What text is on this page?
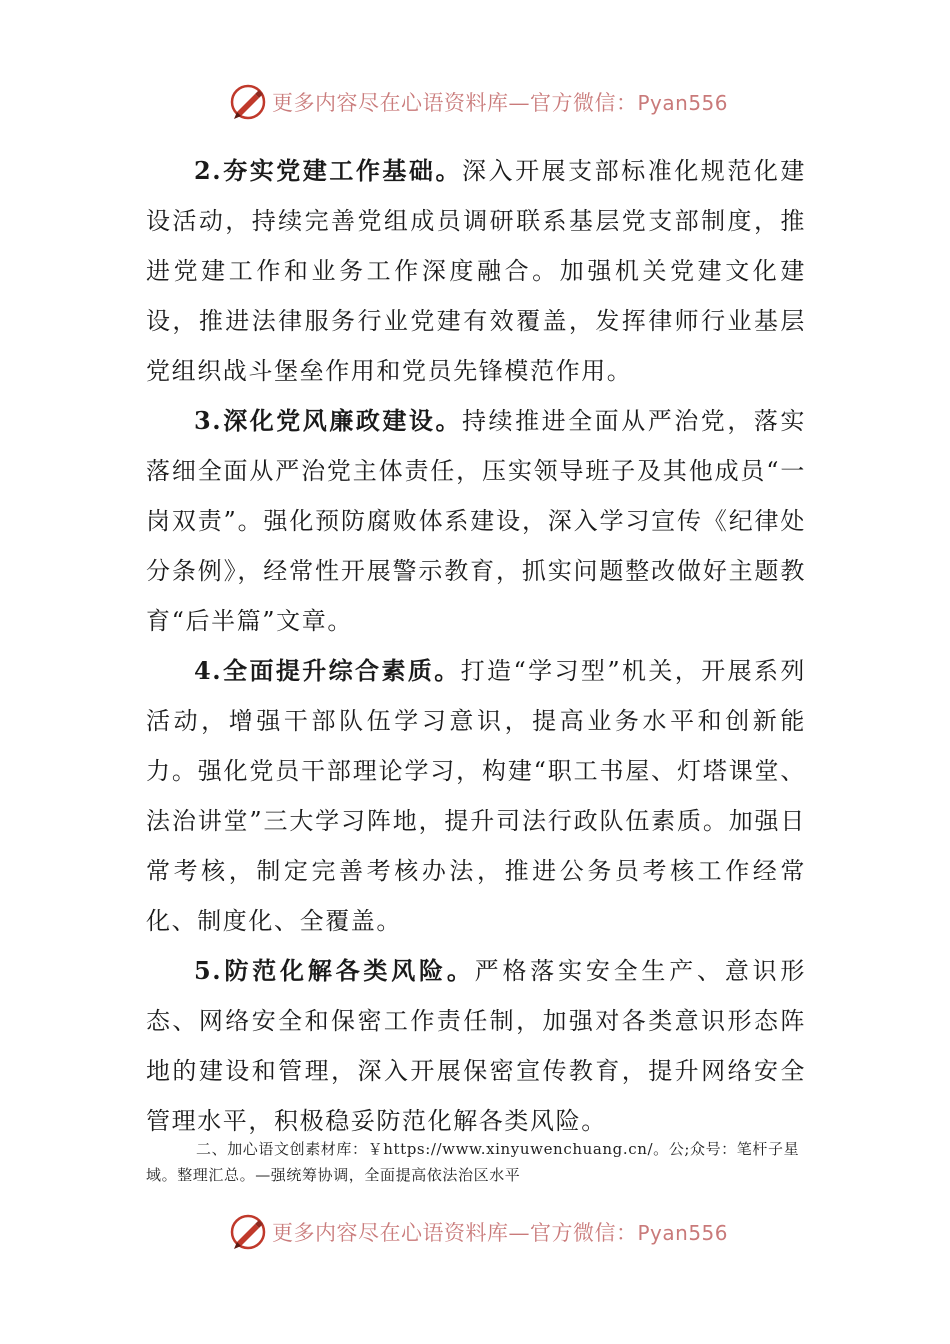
更多内容尽在心语资料库—官方微信：Pyan556

2.夯实党建工作基础。深入开展支部标准化规范化建设活动，持续完善党组成员调研联系基层党支部制度，推进党建工作和业务工作深度融合。加强机关党建文化建设，推进法律服务行业党建有效覆盖，发挥律师行业基层党组织战斗堡垒作用和党员先锋模范作用。

3.深化党风廉政建设。持续推进全面从严治党，落实落细全面从严治党主体责任，压实领导班子及其他成员“一岗双责”。强化预防腐败体系建设，深入学习宣传《纪律处分条例》，经常性开展警示教育，抓实问题整改做好主题教育“后半篇”文章。

4.全面提升综合素质。打造“学习型”机关，开展系列活动，增强干部队伍学习意识，提高业务水平和创新能力。强化党员干部理论学习，构建“职工书屋、灯塔课堂、法治讲堂”三大学习阵地，提升司法行政队伍素质。加强日常考核，制定完善考核办法，推进公务员考核工作经常化、制度化、全覆盖。

5.防范化解各类风险。严格落实安全生产、意识形态、网络安全和保密工作责任制，加强对各类意识形态阵地的建设和管理，深入开展保密宣传教育，提升网络安全管理水平，积极稳妥防范化解各类风险。

二、加心语文创素材库：￥https://www.xinyuwenchuang.cn/。公;众号：笔杆子星域。整理汇总。—强统筹协调，全面提高依法治区水平
更多内容尽在心语资料库—官方微信：Pyan556
